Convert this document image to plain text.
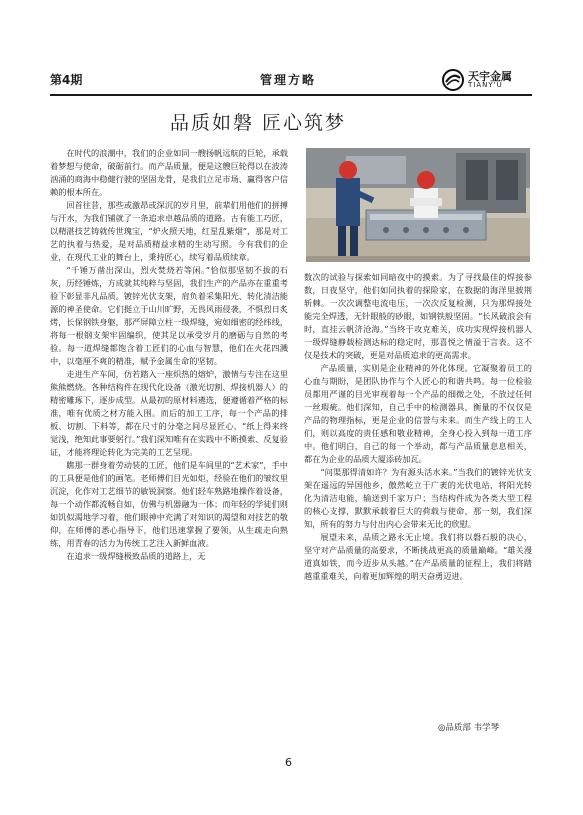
第4期	管理方略	天宇金属
TIANY'U
品质如磐 匠心筑梦

在时代的浪潮中，我们的企业如同一艘扬帆远航的巨轮，承载着梦想与使命，破砺前行。而产品质量，便是这艘巨轮得以在波涛汹涌的商海中稳健行驶的坚固龙骨，是我们立足市场、赢得客户信赖的根本所在。

回首往昔，那些或激昂或深沉的岁月里，前辈们用他们的拼搏与汗水，为我们铺就了一条追求卓越品质的道路。古有能工巧匠，以精湛技艺铸就传世瑰宝，“炉火照天地，红星乱紫烟”，那是对工艺的执着与热爱，是对品质精益求精的生动写照。今有我们的企业，在现代工业的舞台上，秉持匠心，续写着品质续章。

“千锤万凿出深山，烈火焚烧若等闲。”恰似那坚韧不拔的石灰，历经锤炼，方成就其纯粹与坚固，我们生产的产品亦在重重考验下彰显非凡品质。镀锌光伏支架，肩负着采集阳光、转化清洁能源的神圣使命。它们挺立于山川旷野，无畏风雨侵袭，不惧烈日炙烤，长保钢铁身躯，那严屏障立柱一级焊缝，宛如细密的经纬线，将每一根钢支架牢固编织，使其足以承受岁月的磨砺与自然的考验。每一道焊缝都饱含着工匠们的心血与智慧，他们在火花四溅中，以毫厘不爽的精准，赋予金属生命的坚韧。

走进生产车间，仿若踏入一座炽热的熔炉，激情与专注在这里熊熊燃烧。各种结构件在现代化设备（激光切割、焊接机器人）的精密雕琢下，逐步成型。从最初的原材料遴选，便遵循着严格的标准，唯有优质之材方能入围。而后的加工工序，每一个产品的排板、切割、下料等，都在尺寸的分毫之间尽显匠心，“纸上得来终觉浅，绝知此事要躬行。”我们深知唯有在实践中不断摸索、反复验证，才能将理论转化为完美的工艺呈现。

瞧那一群身着劳动装的工匠，他们是车间里的“艺术家”，手中的工具便是他们的画笔。老师傅们目光如炬，经验在他们的皱纹里沉淀，化作对工艺细节的敏锐洞察。他们轻车熟路地操作着设备，每一个动作都流畅自如，仿佛与机器融为一体；而年轻的学徒们则如饥似渴地学习着，他们眼神中充满了对知识的渴望和对技艺的敬仰，在师傅的悉心指导下，他们迅速掌握了要领，从生疏走向熟练，用青春的活力为传统工艺注入新鲜血液。

在追求一级焊缝极致品质的道路上，无

数次的试验与探索如同暗夜中的摸索。为了寻找最佳的焊接参数，日夜坚守，他们如同执着的探险家，在数据的海洋里披荆斩棘。一次次调整电流电压，一次次反复检测，只为那焊接处能完全焊透，无针眼般的砂眼，如钢铁般坚固。“长风破浪会有时，直挂云帆济沧海。”当终于攻克难关，成功实现焊接机器人一级焊缝静载检测达标的稳定时，那喜悦之情溢于言表。这不仅是技术的突破，更是对品质追求的更高需求。

产品质量，实则是企业精神的外化体现。它凝聚着员工的心血与期盼，是团队协作与个人匠心的和谐共鸣。每一位检验员都用严谨的目光审视着每一个产品的细微之处，不放过任何一丝瑕疵。他们深知，自己手中的检测器具，衡量的不仅仅是产品的物理指标，更是企业的信誉与未来。而生产线上的工人们，则以高度的责任感和敬业精神，全身心投入到每一道工序中。他们明白，自己的每一个举动，都与产品质量息息相关，都在为企业的品质大厦添砖加瓦。

“问渠那得清如许？为有源头活水来。”当我们的镀锌光伏支架在遥远的异国他乡，傲然屹立于广袤的光伏电站，将阳光转化为清洁电能，输送到千家万户；当结构件成为各类大型工程的核心支撑，默默承载着巨大的荷载与使命，那一刻，我们深知，所有的努力与付出内心会带来无比的欣慰。

展望未来，品质之路永无止境。我们将以磐石般的决心，坚守对产品质量的高要求，不断挑战更高的质量巅峰。“雄关漫道真如铁，而今迈步从头越。”在产品质量的征程上，我们将踏越重重难关，向着更加辉煌的明天奋勇迈进。

◎品质部 韦学琴
6
